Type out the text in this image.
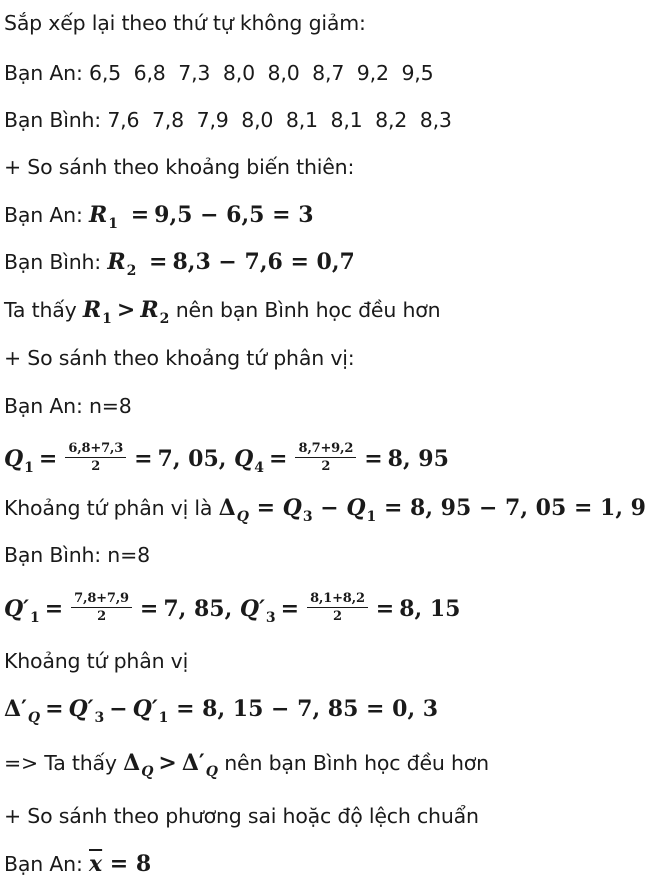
Sắp xếp lại theo thứ tự không giảm:
Bạn An: 6,5  6,8  7,3  8,0  8,0  8,7  9,2  9,5
Bạn Bình: 7,6  7,8  7,9  8,0  8,1  8,1  8,2  8,3
+ So sánh theo khoảng biến thiên:
Bạn An: $R_1 = 9,5 - 6,5 = 3$
Bạn Bình: $R_2 = 8,3 - 7,6 = 0,7$
Ta thấy $R_1 > R_2$ nên bạn Bình học đều hơn
+ So sánh theo khoảng tứ phân vị:
Bạn An: n=8
$Q_1 = \frac{6,8+7,3}{2} = 7$, 05, $Q_4 = \frac{8,7+9,2}{2} = 8$, 95
Khoảng tứ phân vị là $\Delta_Q = Q_3 - Q_1 = 8$, 95 − 7, 05 = 1, 9
Bạn Bình: n=8
$Q'_1 = \frac{7,8+7,9}{2} = 7$, 85, $Q'_3 = \frac{8,1+8,2}{2} = 8$, 15
Khoảng tứ phân vị
$\Delta'_Q = Q'_3 - Q'_1 = 8$, 15 − 7, 85 = 0, 3
=> Ta thấy $\Delta_Q > \Delta'_Q$ nên bạn Bình học đều hơn
+ So sánh theo phương sai hoặc độ lệch chuẩn
Bạn An: $\overline{x} = 8$
